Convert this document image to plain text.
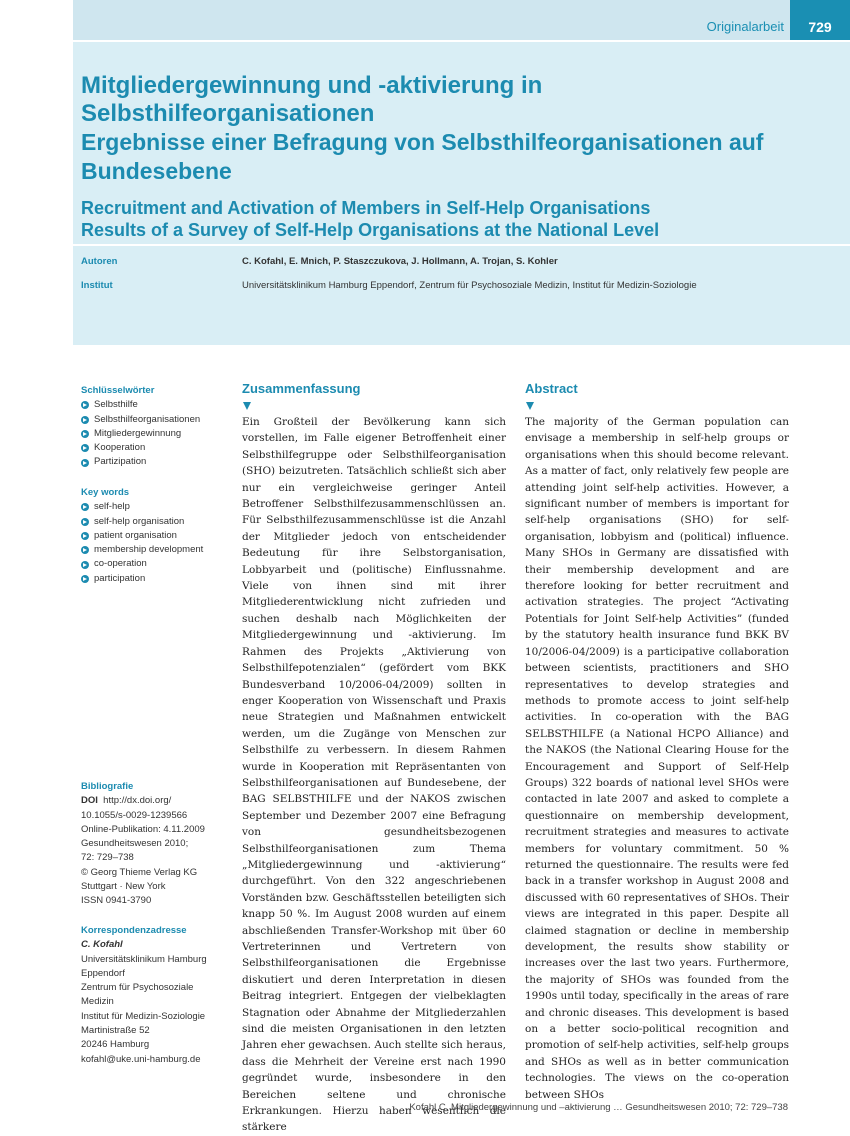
Originalarbeit	729
Mitgliedergewinnung und -aktivierung in Selbsthilfeorganisationen
Ergebnisse einer Befragung von Selbsthilfeorganisationen auf Bundesebene
Recruitment and Activation of Members in Self-Help Organisations
Results of a Survey of Self-Help Organisations at the National Level
Autoren	C. Kofahl, E. Mnich, P. Staszczukova, J. Hollmann, A. Trojan, S. Kohler
Institut	Universitätsklinikum Hamburg Eppendorf, Zentrum für Psychosoziale Medizin, Institut für Medizin-Soziologie
Schlüsselwörter
Selbsthilfe
Selbsthilfeorganisationen
Mitgliedergewinnung
Kooperation
Partizipation
Key words
self-help
self-help organisation
patient organisation
membership development
co-operation
participation
Bibliografie
DOI http://dx.doi.org/
10.1055/s-0029-1239566
Online-Publikation: 4.11.2009
Gesundheitswesen 2010;
72: 729–738
© Georg Thieme Verlag KG
Stuttgart · New York
ISSN 0941-3790
Korrespondenzadresse
C. Kofahl
Universitätsklinikum Hamburg
Eppendorf
Zentrum für Psychosoziale
Medizin
Institut für Medizin-Soziologie
Martinistraße 52
20246 Hamburg
kofahl@uke.uni-hamburg.de
Zusammenfassung
Ein Großteil der Bevölkerung kann sich vorstellen, im Falle eigener Betroffenheit einer Selbsthilfegruppe oder Selbsthilfeorganisation (SHO) beizutreten. Tatsächlich schließt sich aber nur ein vergleichweise geringer Anteil Betroffener Selbsthilfezusammenschlüssen an. Für Selbsthilfezusammenschlüsse ist die Anzahl der Mitglieder jedoch von entscheidender Bedeutung für ihre Selbstorganisation, Lobbyarbeit und (politische) Einflussnahme. Viele von ihnen sind mit ihrer Mitgliederentwicklung nicht zufrieden und suchen deshalb nach Möglichkeiten der Mitgliedergewinnung und -aktivierung. Im Rahmen des Projekts „Aktivierung von Selbsthilfepotenzialen“ (gefördert vom BKK Bundesverband 10/2006-04/2009) sollten in enger Kooperation von Wissenschaft und Praxis neue Strategien und Maßnahmen entwickelt werden, um die Zugänge von Menschen zur Selbsthilfe zu verbessern. In diesem Rahmen wurde in Kooperation mit Repräsentanten von Selbsthilfeorganisationen auf Bundesebene, der BAG SELBSTHILFE und der NAKOS zwischen September und Dezember 2007 eine Befragung von gesundheitsbezogenen Selbsthilfeorganisationen zum Thema „Mitgliedergewinnung und -aktivierung“ durchgeführt. Von den 322 angeschriebenen Vorständen bzw. Geschäftsstellen beteiligten sich knapp 50 %. Im August 2008 wurden auf einem abschließenden Transfer-Workshop mit über 60 Vertreterinnen und Vertretern von Selbsthilfeorganisationen die Ergebnisse diskutiert und deren Interpretation in diesen Beitrag integriert. Entgegen der vielbeklagten Stagnation oder Abnahme der Mitgliederzahlen sind die meisten Organisationen in den letzten Jahren eher gewachsen. Auch stellte sich heraus, dass die Mehrheit der Vereine erst nach 1990 gegründet wurde, insbesondere in den Bereichen seltene und chronische Erkrankungen. Hierzu haben wesentlich die stärkere
Abstract
The majority of the German population can envisage a membership in self-help groups or organisations when this should become relevant. As a matter of fact, only relatively few people are attending joint self-help activities. However, a significant number of members is important for self-help organisations (SHO) for self-organisation, lobbyism and (political) influence. Many SHOs in Germany are dissatisfied with their membership development and are therefore looking for better recruitment and activation strategies. The project “Activating Potentials for Joint Self-help Activities” (funded by the statutory health insurance fund BKK BV 10/2006-04/2009) is a participative collaboration between scientists, practitioners and SHO representatives to develop strategies and methods to promote access to joint self-help activities. In co-operation with the BAG SELBSTHILFE (a National HCPO Alliance) and the NAKOS (the National Clearing House for the Encouragement and Support of Self-Help Groups) 322 boards of national level SHOs were contacted in late 2007 and asked to complete a questionnaire on membership development, recruitment strategies and measures to activate members for voluntary commitment. 50 % returned the questionnaire. The results were fed back in a transfer workshop in August 2008 and discussed with 60 representatives of SHOs. Their views are integrated in this paper. Despite all claimed stagnation or decline in membership development, the results show stability or increases over the last two years. Furthermore, the majority of SHOs was founded from the 1990s until today, specifically in the areas of rare and chronic diseases. This development is based on a better socio-political recognition and promotion of self-help activities, self-help groups and SHOs as well as in better communication technologies. The views on the co-operation between SHOs
Kofahl C. Mitgliedergewinnung und –aktivierung … Gesundheitswesen 2010; 72: 729–738
